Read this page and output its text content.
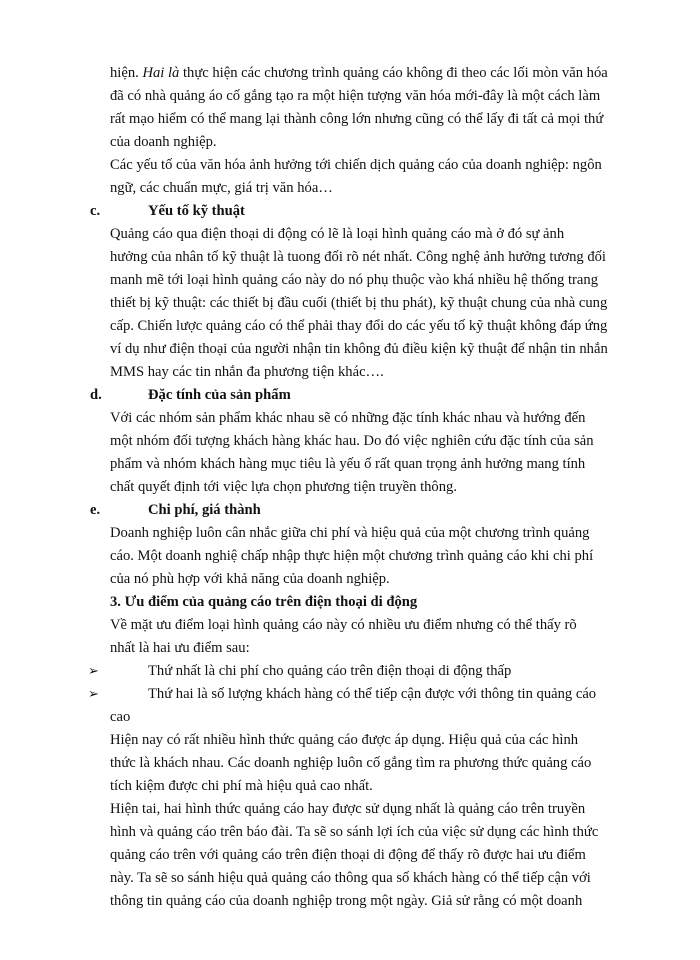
hiện. Hai là thực hiện các chương trình quảng cáo không đi theo các lối mòn văn hóa
đã có nhà quảng áo cố gắng tạo ra một hiện tượng văn hóa mới-đây là một cách làm
rất mạo hiểm có thể mang lại thành công lớn nhưng cũng có thể lấy đi tất cả mọi thứ
của doanh nghiệp.
Các yếu tố của văn hóa ảnh hưởng tới chiến dịch quảng cáo của doanh nghiệp: ngôn
ngữ, các chuẩn mực, giá trị văn hóa…
c.	Yếu tố kỹ thuật
Quảng cáo qua điện thoại di động có lẽ là loại hình quảng cáo mà ở đó sự ảnh
hưởng của nhân tố kỹ thuật là tuong đối rõ nét nhất. Công nghệ ảnh hưởng tương đối
manh mẽ tới loại hình quảng cáo này do nó phụ thuộc vào khá nhiều hệ thống trang
thiết bị kỹ thuật: các thiết bị đầu cuối (thiết bị thu phát), kỹ thuật chung của nhà cung
cấp. Chiến lược quảng cáo có thể phải thay đổi do các yếu tố kỹ thuật không đáp ứng
ví dụ như điện thoại của người nhận tin không đủ điều kiện kỹ thuật để nhận tin nhắn
MMS hay các tin nhắn đa phương tiện khác….
d.	Đặc tính của sản phẩm
Với các nhóm sản phẩm khác nhau sẽ có những đặc tính khác nhau và hướng đến
một nhóm đối tượng khách hàng khác hau. Do đó việc nghiên cứu đặc tính của sản
phẩm và nhóm khách hàng mục tiêu là yếu ố rất quan trọng ảnh hưởng mang tính
chất quyết định tới việc lựa chọn phương tiện truyền thông.
e.	Chi phí, giá thành
Doanh nghiệp luôn cân nhắc giữa chi phí và hiệu quả của một chương trình quảng
cáo. Một doanh nghiệ chấp nhập thực hiện một chương trình quảng cáo khi chi phí
của nó phù hợp với khả năng của doanh nghiệp.
3. Ưu điểm của quảng cáo trên điện thoại di động
Về mặt ưu điểm loại hình quảng cáo này có nhiều ưu điểm nhưng có thể thấy rõ
nhất là hai ưu điểm sau:
➢	Thứ nhất là chi phí cho quảng cáo trên điện thoại di động thấp
➢	Thứ hai là số lượng khách hàng có thể tiếp cận được với thông tin quảng cáo
cao
Hiện nay có rất nhiều hình thức quảng cáo được áp dụng. Hiệu quả của các hình
thức là khách nhau. Các doanh nghiệp luôn cố gắng tìm ra phương thức quảng cáo
tích kiệm được chi phí mà hiệu quả cao nhất.
Hiện tai, hai hình thức quảng cáo hay được sử dụng nhất là quảng cáo trên truyền
hình và quảng cáo trên báo đài. Ta sẽ so sánh lợi ích của việc sử dụng các hình thức
quảng cáo trên với quảng cáo trên điện thoại di động để thấy rõ được hai ưu điểm
này. Ta sẽ so sánh hiệu quả quảng cáo thông qua số khách hàng có thể tiếp cận với
thông tin quảng cáo của doanh nghiệp trong một ngày. Giả sử rằng có một doanh
